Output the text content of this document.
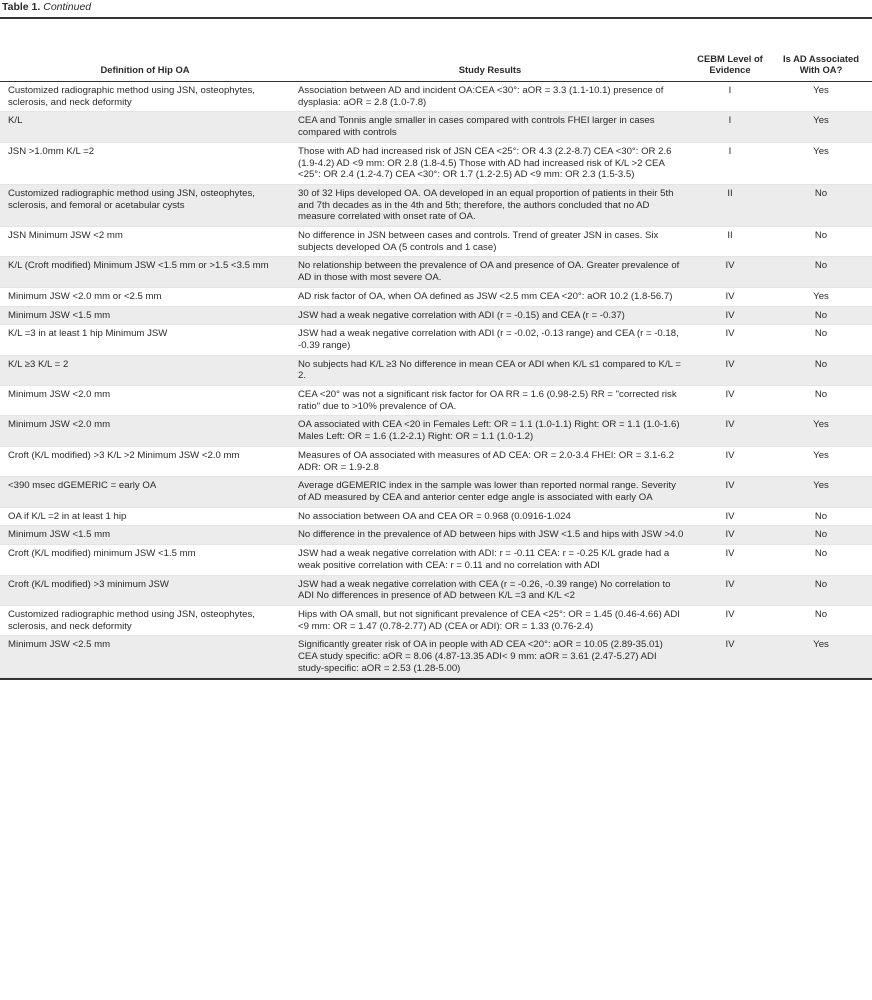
Table 1. Continued
Definition of Hip OA	Study Results	CEBM Level of Evidence	Is AD Associated With OA?
Customized radiographic method using JSN, osteophytes, sclerosis, and neck deformity	Association between AD and incident OA:CEA <30°: aOR = 3.3 (1.1-10.1) presence of dysplasia: aOR = 2.8 (1.0-7.8)	I	Yes
K/L	CEA and Tonnis angle smaller in cases compared with controls FHEI larger in cases compared with controls	I	Yes
JSN >1.0mm K/L =2	Those with AD had increased risk of JSN CEA <25°: OR 4.3 (2.2-8.7) CEA <30°: OR 2.6 (1.9-4.2) AD <9 mm: OR 2.8 (1.8-4.5) Those with AD had increased risk of K/L >2 CEA <25°: OR 2.4 (1.2-4.7) CEA <30°: OR 1.7 (1.2-2.5) AD <9 mm: OR 2.3 (1.5-3.5)	I	Yes
Customized radiographic method using JSN, osteophytes, sclerosis, and femoral or acetabular cysts	30 of 32 Hips developed OA. OA developed in an equal proportion of patients in their 5th and 7th decades as in the 4th and 5th; therefore, the authors concluded that no AD measure correlated with onset rate of OA.	II	No
JSN Minimum JSW <2 mm	No difference in JSN between cases and controls. Trend of greater JSN in cases. Six subjects developed OA (5 controls and 1 case)	II	No
K/L (Croft modified) Minimum JSW <1.5 mm or >1.5 <3.5 mm	No relationship between the prevalence of OA and presence of OA. Greater prevalence of AD in those with most severe OA.	IV	No
Minimum JSW <2.0 mm or <2.5 mm	AD risk factor of OA, when OA defined as JSW <2.5 mm CEA <20°: aOR 10.2 (1.8-56.7)	IV	Yes
Minimum JSW <1.5 mm	JSW had a weak negative correlation with ADI (r = -0.15) and CEA (r = -0.37)	IV	No
K/L =3 in at least 1 hip Minimum JSW	JSW had a weak negative correlation with ADI (r = -0.02, -0.13 range) and CEA (r = -0.18, -0.39 range)	IV	No
K/L ≥3 K/L = 2	No subjects had K/L ≥3 No difference in mean CEA or ADI when K/L ≤1 compared to K/L = 2.	IV	No
Minimum JSW <2.0 mm	CEA <20° was not a significant risk factor for OA RR = 1.6 (0.98-2.5) RR = "corrected risk ratio" due to >10% prevalence of OA.	IV	No
Minimum JSW <2.0 mm	OA associated with CEA <20 in Females Left: OR = 1.1 (1.0-1.1) Right: OR = 1.1 (1.0-1.6) Males Left: OR = 1.6 (1.2-2.1) Right: OR = 1.1 (1.0-1.2)	IV	Yes
Croft (K/L modified) >3 K/L >2 Minimum JSW <2.0 mm	Measures of OA associated with measures of AD CEA: OR = 2.0-3.4 FHEI: OR = 3.1-6.2 ADR: OR = 1.9-2.8	IV	Yes
<390 msec dGEMERIC = early OA	Average dGEMERIC index in the sample was lower than reported normal range. Severity of AD measured by CEA and anterior center edge angle is associated with early OA	IV	Yes
OA if K/L =2 in at least 1 hip	No association between OA and CEA OR = 0.968 (0.0916-1.024	IV	No
Minimum JSW <1.5 mm	No difference in the prevalence of AD between hips with JSW <1.5 and hips with JSW >4.0	IV	No
Croft (K/L modified) minimum JSW <1.5 mm	JSW had a weak negative correlation with ADI: r = -0.11 CEA: r = -0.25 K/L grade had a weak positive correlation with CEA: r = 0.11 and no correlation with ADI	IV	No
Croft (K/L modified) >3 minimum JSW	JSW had a weak negative correlation with CEA (r = -0.26, -0.39 range) No correlation to ADI No differences in presence of AD between K/L =3 and K/L <2	IV	No
Customized radiographic method using JSN, osteophytes, sclerosis, and neck deformity	Hips with OA small, but not significant prevalence of CEA <25°: OR = 1.45 (0.46-4.66) ADI <9 mm: OR = 1.47 (0.78-2.77) AD (CEA or ADI): OR = 1.33 (0.76-2.4)	IV	No
Minimum JSW <2.5 mm	Significantly greater risk of OA in people with AD CEA <20°: aOR = 10.05 (2.89-35.01) CEA study specific: aOR = 8.06 (4.87-13.35 ADI< 9 mm: aOR = 3.61 (2.47-5.27) ADI study-specific: aOR = 2.53 (1.28-5.00)	IV	Yes
